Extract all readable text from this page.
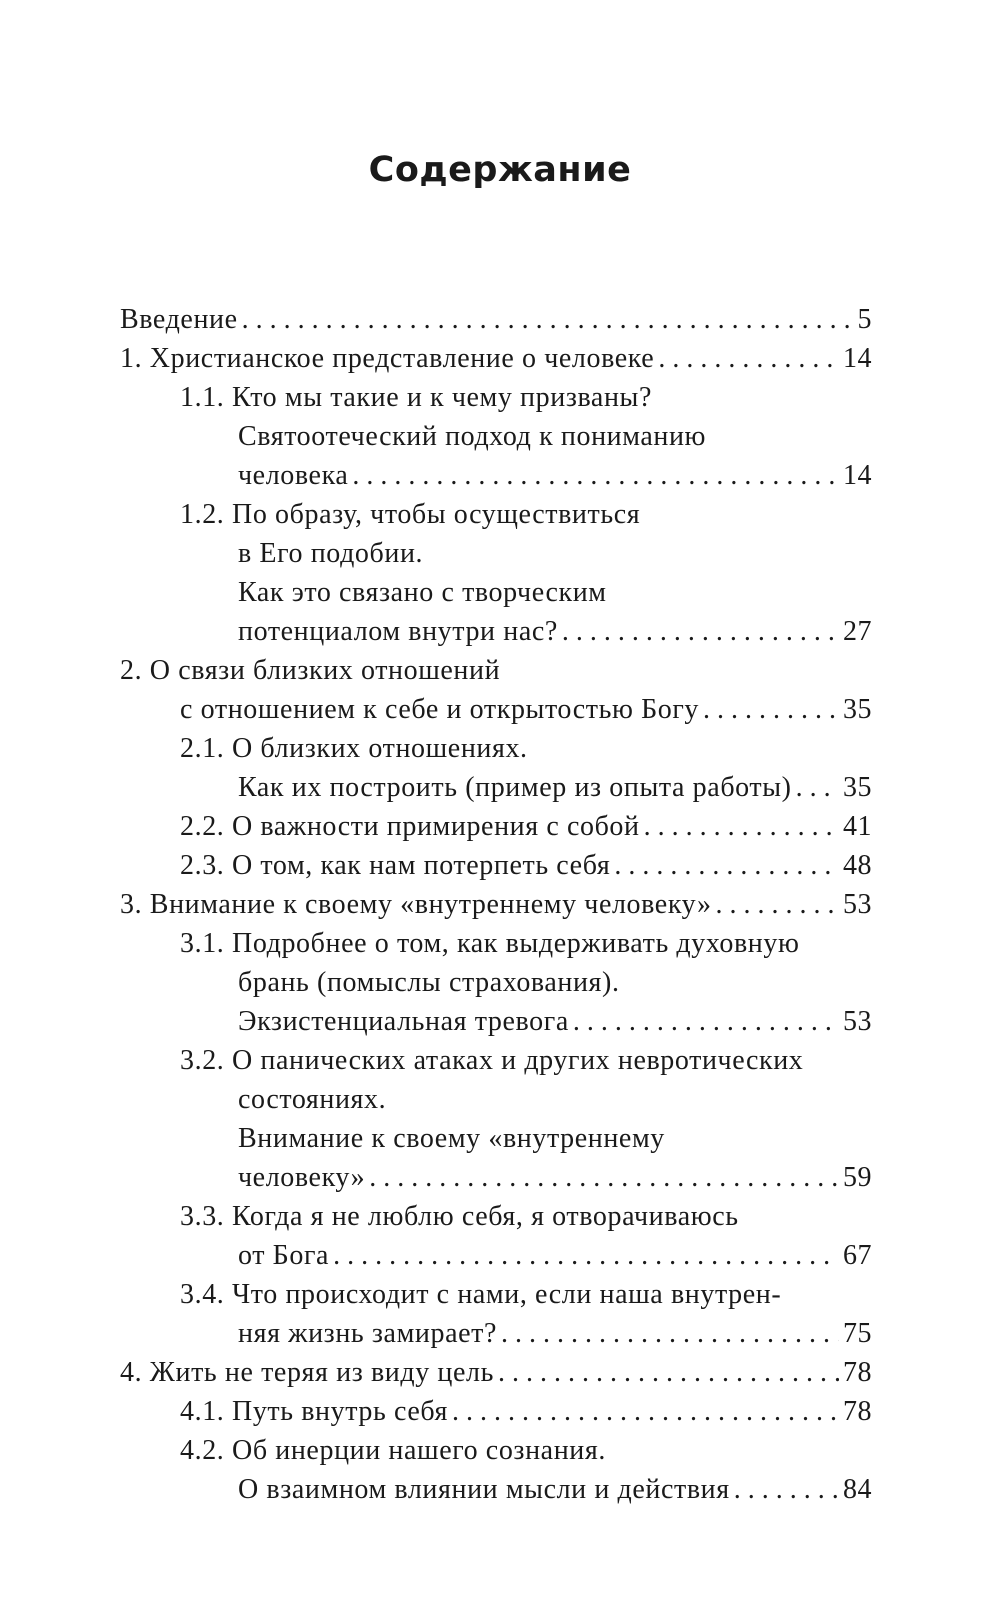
Содержание
Введение . . .	5
1. Христианское представление о человеке . . .	14
1.1. Кто мы такие и к чему призваны?
Святоотеческий подход к пониманию
человека . . .	14
1.2. По образу, чтобы осуществиться
в Его подобии.
Как это связано с творческим
потенциалом внутри нас? . . .	27
2. О связи близких отношений
с отношением к себе и открытостью Богу . . .	35
2.1. О близких отношениях.
Как их построить (пример из опыта работы) . . . 35
2.2. О важности примирения с собой . . .	41
2.3. О том, как нам потерпеть себя . . .	48
3. Внимание к своему «внутреннему человеку» . . .	53
3.1. Подробнее о том, как выдерживать духовную
брань (помыслы страхования).
Экзистенциальная тревога . . .	53
3.2. О панических атаках и других невротических
состояниях.
Внимание к своему «внутреннему
человеку» . . .	59
3.3. Когда я не люблю себя, я отворачиваюсь
от Бога . . .	67
3.4. Что происходит с нами, если наша внутрен-
няя жизнь замирает? . . .	75
4. Жить не теряя из виду цель . . .	78
4.1. Путь внутрь себя . . .	78
4.2. Об инерции нашего сознания.
О взаимном влиянии мысли и действия . . .	84
